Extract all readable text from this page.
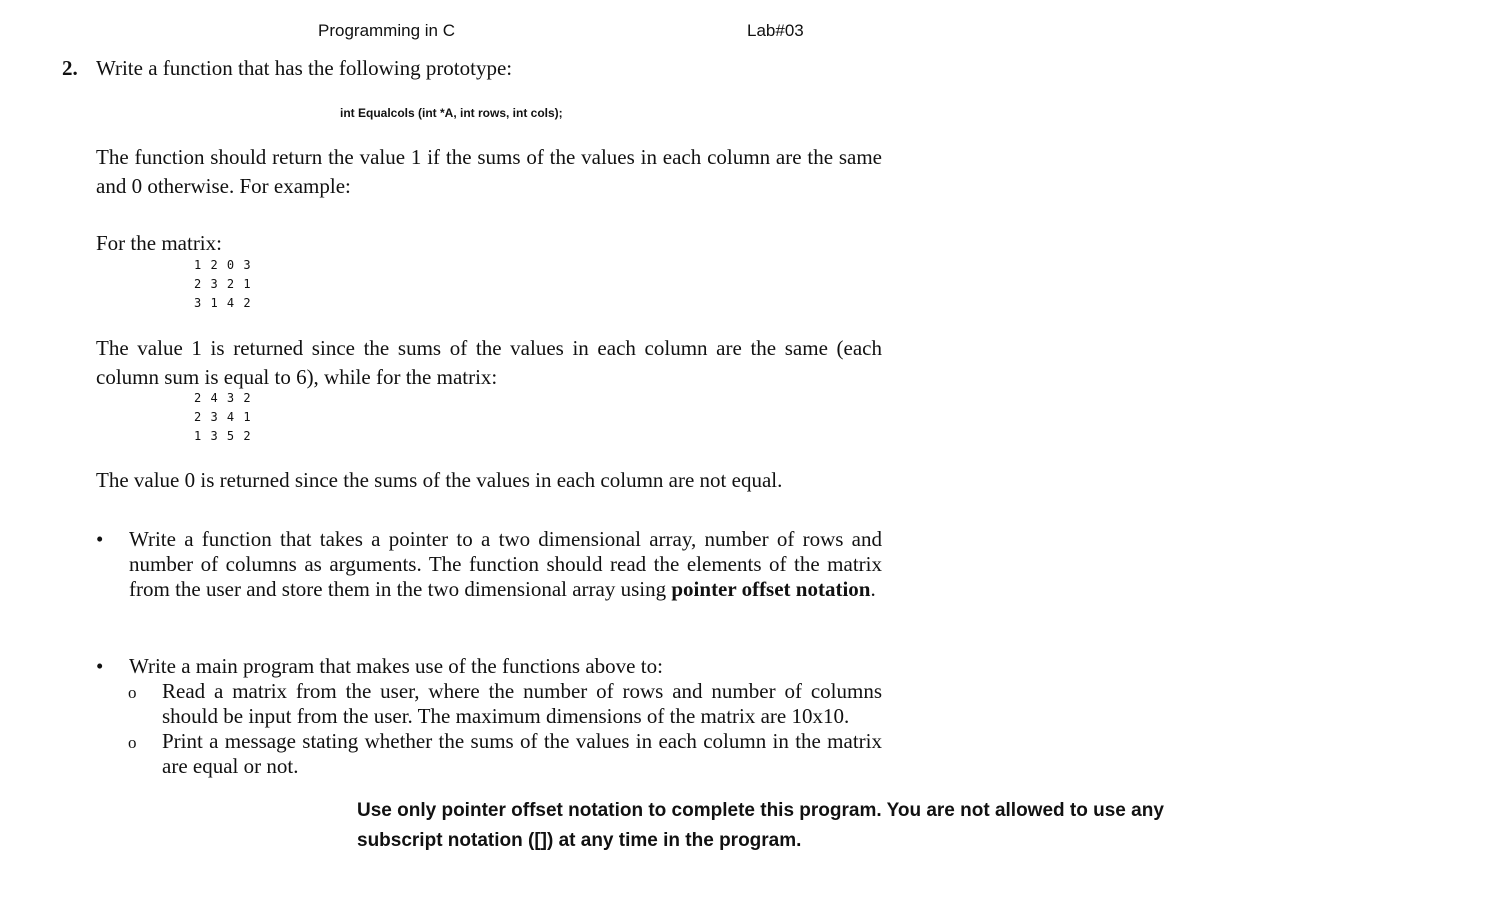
Programming in C	Lab#03
2. Write a function that has the following prototype:
int Equalcols (int *A, int rows, int cols);
The function should return the value 1 if the sums of the values in each column are the same and 0 otherwise. For example:
For the matrix:
1 2 0 3
2 3 2 1
3 1 4 2
The value 1 is returned since the sums of the values in each column are the same (each column sum is equal to 6), while for the matrix:
2 4 3 2
2 3 4 1
1 3 5 2
The value 0 is returned since the sums of the values in each column are not equal.
• Write a function that takes a pointer to a two dimensional array, number of rows and number of columns as arguments. The function should read the elements of the matrix from the user and store them in the two dimensional array using pointer offset notation.
• Write a main program that makes use of the functions above to:
o Read a matrix from the user, where the number of rows and number of columns should be input from the user. The maximum dimensions of the matrix are 10x10.
o Print a message stating whether the sums of the values in each column in the matrix are equal or not.
Use only pointer offset notation to complete this program. You are not allowed to use any subscript notation ([]) at any time in the program.
